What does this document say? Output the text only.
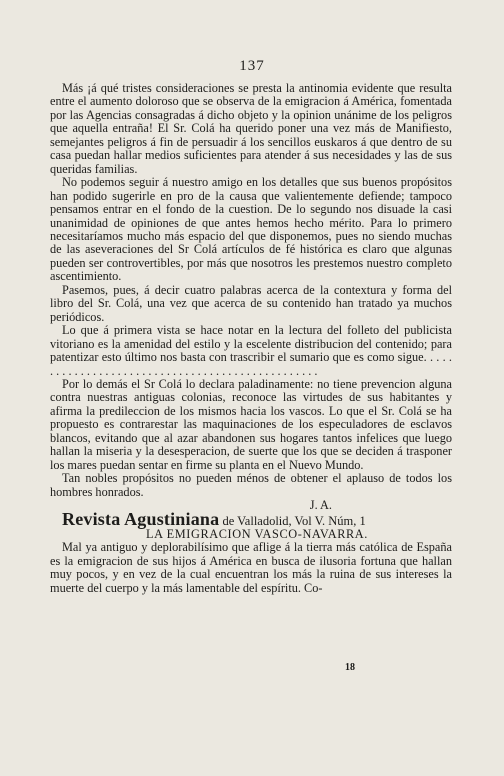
137

Más ¡á qué tristes consideraciones se presta la antinomia evidente que resulta entre el aumento doloroso que se observa de la emigracion á América, fomentada por las Agencias consagradas á dicho objeto y la opinion unánime de los peligros que aquella entraña! El Sr. Colá ha querido poner una vez más de Manifiesto, semejantes peligros á fin de persuadir á los sencillos euskaros á que dentro de su casa puedan hallar medios suficientes para atender á sus necesidades y las de sus queridas familias.

No podemos seguir á nuestro amigo en los detalles que sus buenos propósitos han podido sugerirle en pro de la causa que valientemente defiende; tampoco pensamos entrar en el fondo de la cuestion. De lo segundo nos disuade la casi unanimidad de opiniones de que antes hemos hecho mérito. Para lo primero necesitaríamos mucho más espacio del que disponemos, pues no siendo muchas de las aseveraciones del Sr Colá artículos de fé histórica es claro que algunas pueden ser controvertibles, por más que nosotros les prestemos nuestro completo ascentimiento.

Pasemos, pues, á decir cuatro palabras acerca de la contextura y forma del libro del Sr. Colá, una vez que acerca de su contenido han tratado ya muchos periódicos.

Lo que á primera vista se hace notar en la lectura del folleto del publicista vitoriano es la amenidad del estilo y la escelente distribucion del contenido; para patentizar esto último nos basta con trascribir el sumario que es como sigue. . . . . . . . . . . . . . . . . . . . . . . . . . . . . . . . . . . . . . . . . . . . . . . . .

Por lo demás el Sr Colá lo declara paladinamente: no tiene prevencion alguna contra nuestras antiguas colonias, reconoce las virtudes de sus habitantes y afirma la predileccion de los mismos hacia los vascos. Lo que el Sr. Colá se ha propuesto es contrarestar las maquinaciones de los especuladores de esclavos blancos, evitando que al azar abandonen sus hogares tantos infelices que luego hallan la miseria y la desesperacion, de suerte que los que se deciden á trasponer los mares puedan sentar en firme su planta en el Nuevo Mundo.

Tan nobles propósitos no pueden ménos de obtener el aplauso de todos los hombres honrados.

J. A.

Revista Agustiniana de Valladolid, Vol V. Núm, 1

LA EMIGRACION VASCO-NAVARRA.

Mal ya antiguo y deplorabilísimo que aflige á la tierra más católica de España es la emigracion de sus hijos á América en busca de ilusoria fortuna que hallan muy pocos, y en vez de la cual encuentran los más la ruina de sus intereses la muerte del cuerpo y la más lamentable del espíritu. Co-

18
